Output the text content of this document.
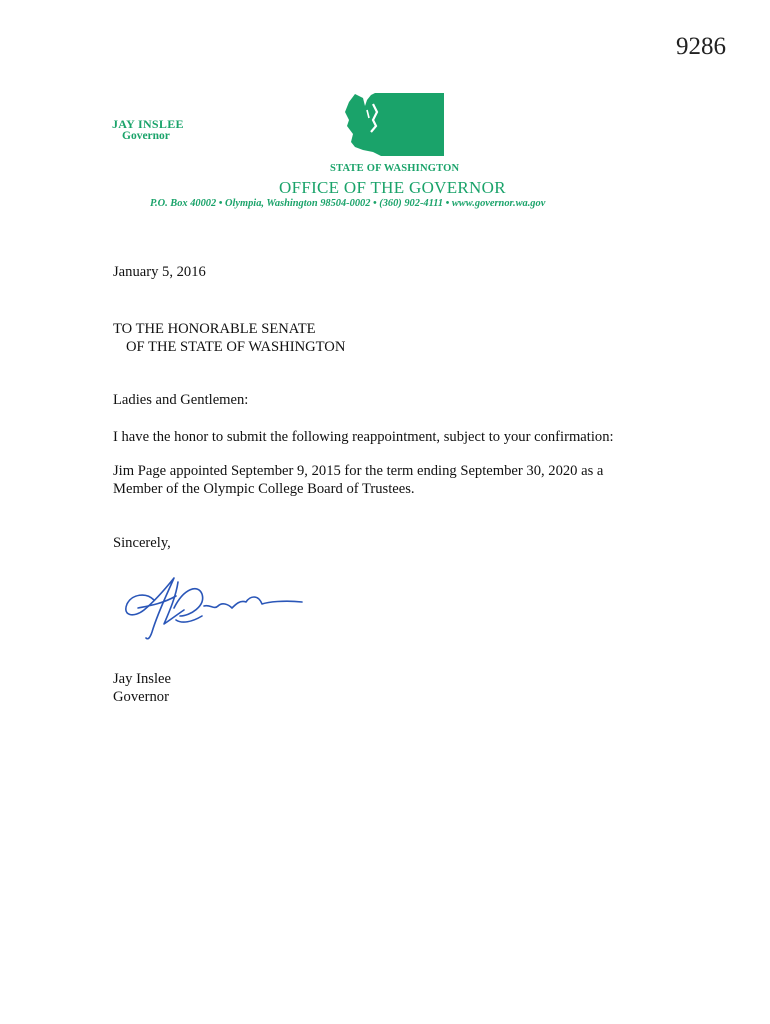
9286
JAY INSLEE
Governor
STATE OF WASHINGTON
OFFICE OF THE GOVERNOR
P.O. Box 40002 • Olympia, Washington 98504-0002 • (360) 902-4111 • www.governor.wa.gov
January 5, 2016
TO THE HONORABLE SENATE
OF THE STATE OF WASHINGTON
Ladies and Gentlemen:
I have the honor to submit the following reappointment, subject to your confirmation:
Jim Page appointed September 9, 2015 for the term ending September 30, 2020 as a
Member of the Olympic College Board of Trustees.
Sincerely,
Jay Inslee
Governor
